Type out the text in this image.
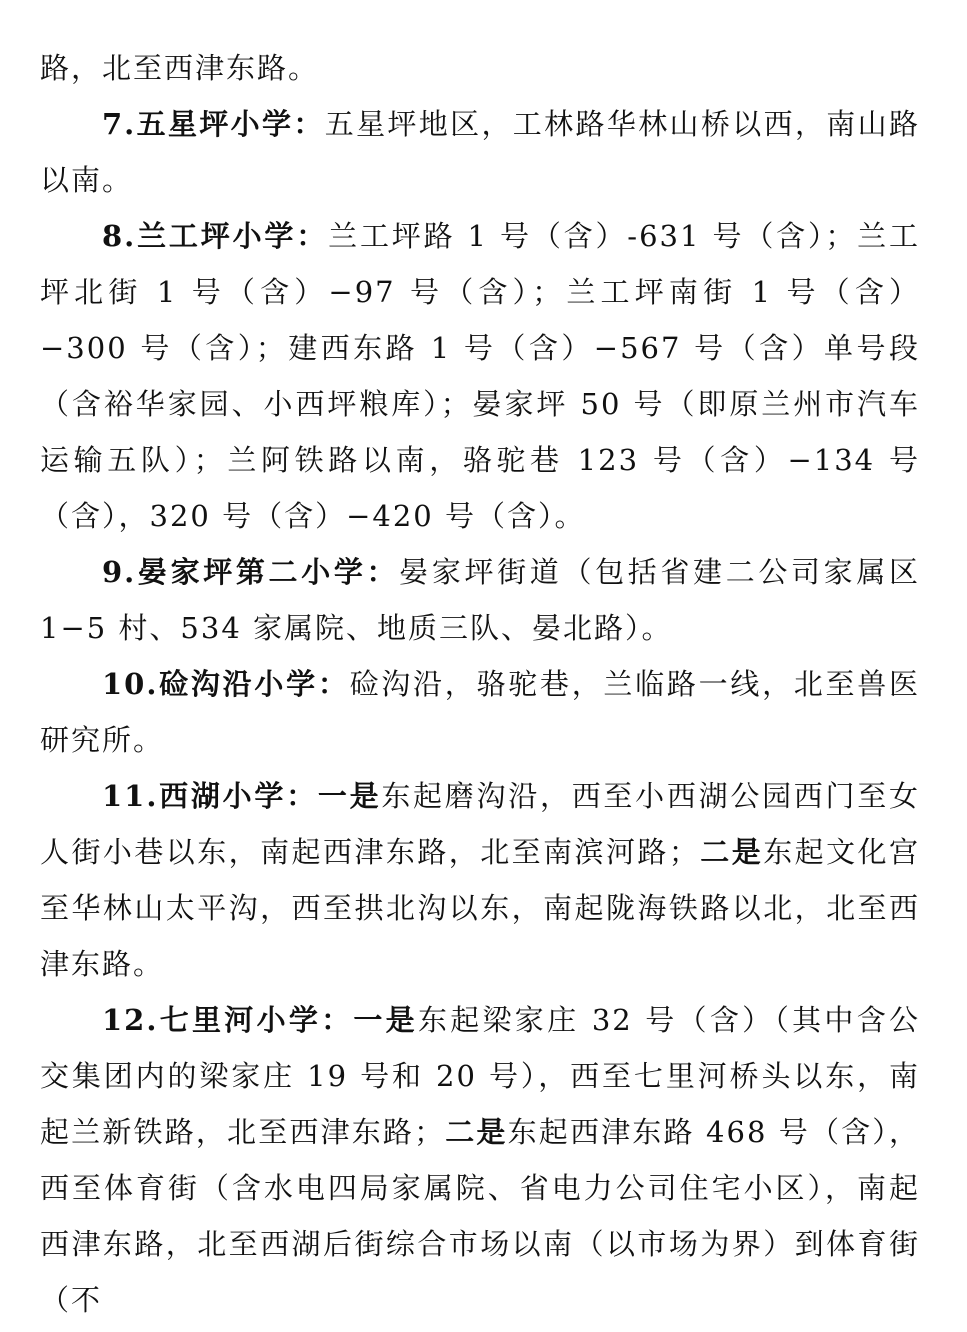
路，北至西津东路。

7.五星坪小学：五星坪地区，工林路华林山桥以西，南山路以南。

8.兰工坪小学：兰工坪路 1 号（含）-631 号（含）；兰工坪北街 1 号（含）−97 号（含）；兰工坪南街 1 号（含）−300 号（含）；建西东路 1 号（含）−567 号（含）单号段（含裕华家园、小西坪粮库）；晏家坪 50 号（即原兰州市汽车运输五队）；兰阿铁路以南，骆驼巷 123 号（含）−134 号（含），320 号（含）−420 号（含）。

9.晏家坪第二小学：晏家坪街道（包括省建二公司家属区 1−5 村、534 家属院、地质三队、晏北路）。

10.硷沟沿小学：硷沟沿，骆驼巷，兰临路一线，北至兽医研究所。

11.西湖小学：一是东起磨沟沿，西至小西湖公园西门至女人街小巷以东，南起西津东路，北至南滨河路；二是东起文化宫至华林山太平沟，西至拱北沟以东，南起陇海铁路以北，北至西津东路。

12.七里河小学：一是东起梁家庄 32 号（含）（其中含公交集团内的梁家庄 19 号和 20 号），西至七里河桥头以东，南起兰新铁路，北至西津东路；二是东起西津东路 468 号（含），西至体育街（含水电四局家属院、省电力公司住宅小区），南起西津东路，北至西湖后街综合市场以南（以市场为界）到体育街（不
